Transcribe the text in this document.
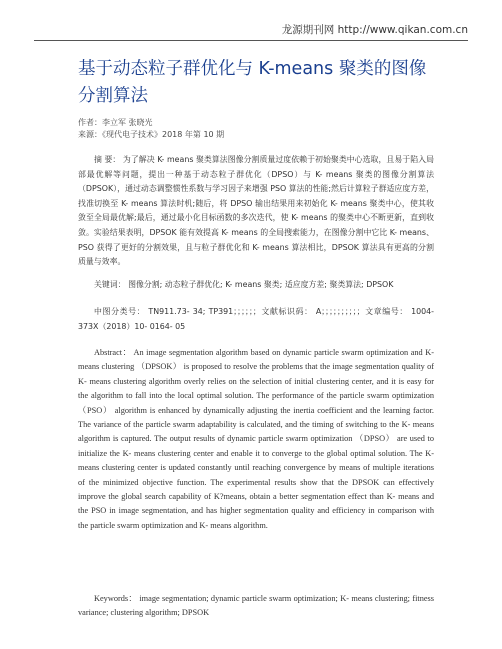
龙源期刊网 http://www.qikan.com.cn
基于动态粒子群优化与 K-means 聚类的图像分割算法
作者：李立军 张晓光
来源：《现代电子技术》2018 年第 10 期

摘 要： 为了解决 K- means 聚类算法图像分割质量过度依赖于初始聚类中心选取，且易于陷入局部最优解等问题，提出一种基于动态粒子群优化（DPSO）与 K- means 聚类的图像分割算法（DPSOK），通过动态调整惯性系数与学习因子来增强 PSO 算法的性能;然后计算粒子群适应度方差，找准切换至 K- means 算法时机;随后，将 DPSO 输出结果用来初始化 K- means 聚类中心，使其收敛至全局最优解;最后，通过最小化目标函数的多次迭代，使 K- means 的聚类中心不断更新，直到收敛。实验结果表明，DPSOK 能有效提高 K- means 的全局搜索能力，在图像分割中它比 K- means、PSO 获得了更好的分割效果，且与粒子群优化和 K- means 算法相比，DPSOK 算法具有更高的分割质量与效率。

关键词： 图像分割; 动态粒子群优化; K- means 聚类; 适应度方差; 聚类算法; DPSOK

中图分类号： TN911.73- 34; TP391；；；；；；文献标识码： A；；；；；；；；；；文章编号： 1004- 373X（2018）10- 0164- 05

Abstract： An image segmentation algorithm based on dynamic particle swarm optimization and K- means clustering （DPSOK） is proposed to resolve the problems that the image segmentation quality of K- means clustering algorithm overly relies on the selection of initial clustering center, and it is easy for the algorithm to fall into the local optimal solution. The performance of the particle swarm optimization （PSO） algorithm is enhanced by dynamically adjusting the inertia coefficient and the learning factor. The variance of the particle swarm adaptability is calculated, and the timing of switching to the K- means algorithm is captured. The output results of dynamic particle swarm optimization （DPSO） are used to initialize the K- means clustering center and enable it to converge to the global optimal solution. The K- means clustering center is updated constantly until reaching convergence by means of multiple iterations of the minimized objective function. The experimental results show that the DPSOK can effectively improve the global search capability of K?means, obtain a better segmentation effect than K- means and the PSO in image segmentation, and has higher segmentation quality and efficiency in comparison with the particle swarm optimization and K- means algorithm.

Keywords： image segmentation; dynamic particle swarm optimization; K- means clustering; fitness variance; clustering algorithm; DPSOK
